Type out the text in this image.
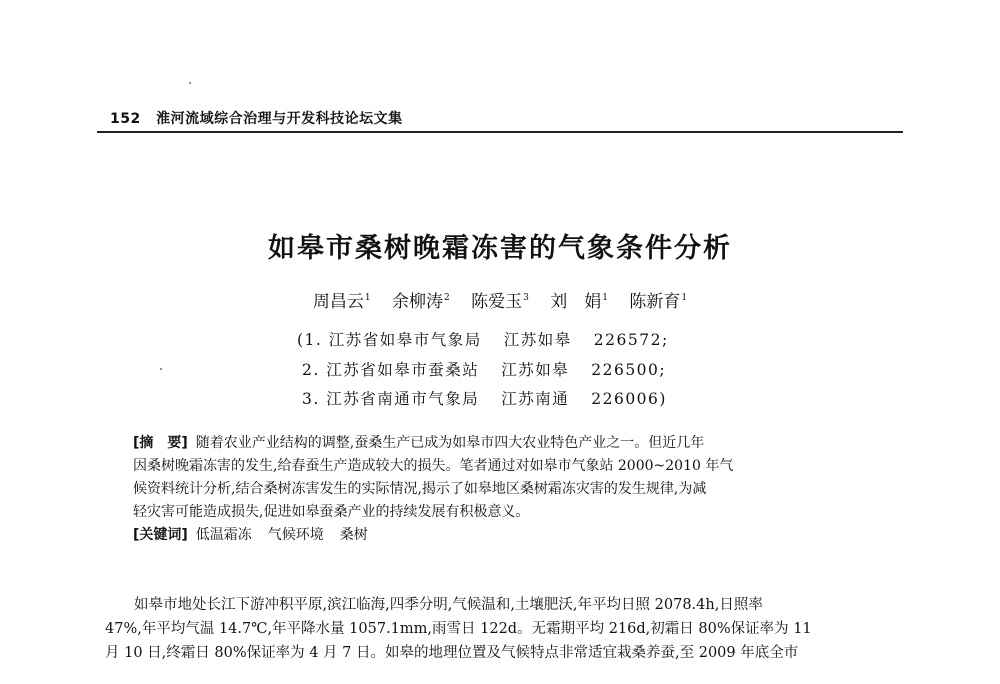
152 淮河流域综合治理与开发科技论坛文集
如皋市桑树晚霜冻害的气象条件分析
周昌云$^1$ 余柳涛$^2$ 陈爱玉$^3$ 刘　娟$^1$ 陈新育$^1$
(1. 江苏省如皋市气象局 江苏如皋 226572;
2. 江苏省如皋市蚕桑站 江苏如皋 226500;
3. 江苏省南通市气象局 江苏南通 226006)
[摘　要] 随着农业产业结构的调整,蚕桑生产已成为如皋市四大农业特色产业之一。但近几年
因桑树晚霜冻害的发生,给春蚕生产造成较大的损失。笔者通过对如皋市气象站 2000~2010 年气
候资料统计分析,结合桑树冻害发生的实际情况,揭示了如皋地区桑树霜冻灾害的发生规律,为减
轻灾害可能造成损失,促进如皋蚕桑产业的持续发展有积极意义。
[关键词] 低温霜冻 气候环境 桑树
如皋市地处长江下游冲积平原,滨江临海,四季分明,气候温和,土壤肥沃,年平均日照 2078.4h,日照率
47%,年平均气温 14.7℃,年平降水量 1057.1mm,雨雪日 122d。无霜期平均 216d,初霜日 80%保证率为 11
月 10 日,终霜日 80%保证率为 4 月 7 日。如皋的地理位置及气候特点非常适宜栽桑养蚕,至 2009 年底全市
